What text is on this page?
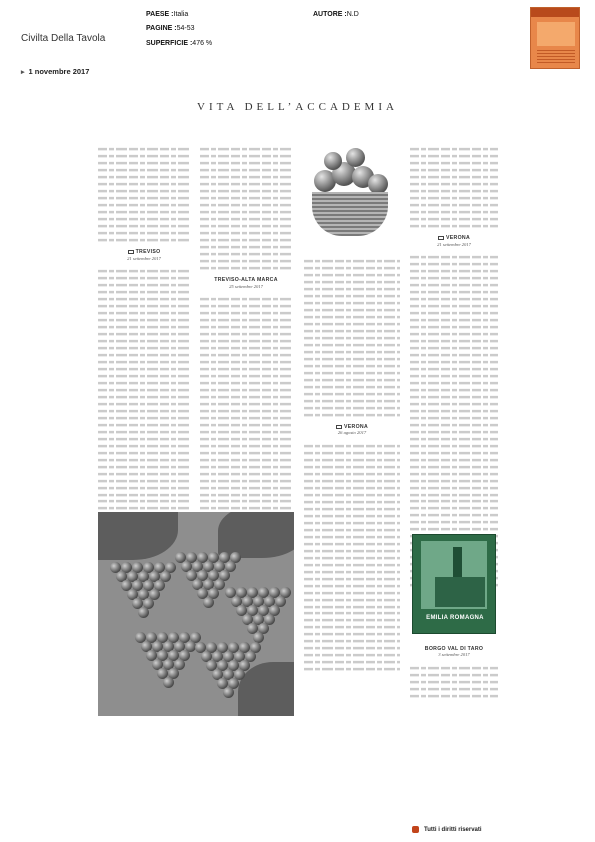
PAESE :Italia
PAGINE :54-53
SUPERFICIE :476 %
AUTORE :N.D
Civilta Della Tavola
▸ 1 novembre 2017
VITA DELL’ACCADEMIA
TREVISO
21 settembre 2017
TREVISO-ALTA MARCA
25 settembre 2017
VERONA
26 agosto 2017
VERONA
21 settembre 2017
EMILIA ROMAGNA
BORGO VAL DI TARO
3 settembre 2017
Tutti i diritti riservati
